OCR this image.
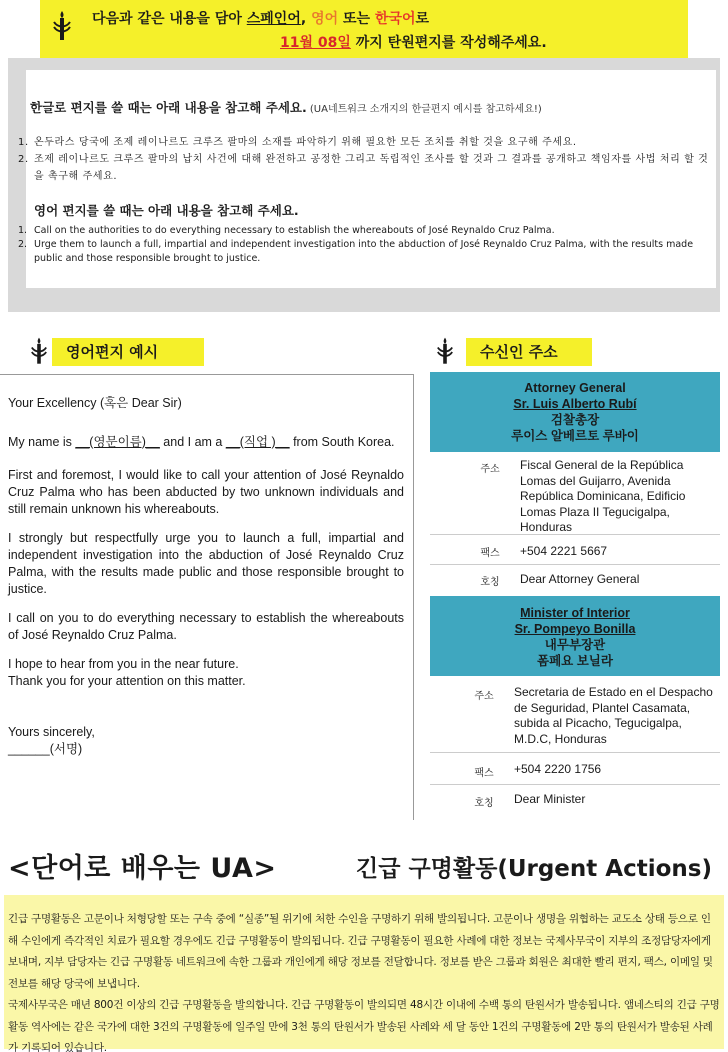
다음과 같은 내용을 담아 스페인어, 영어 또는 한국어로
11월 08일 까지 탄원편지를 작성해주세요.
한글로 편지를 쓸 때는 아래 내용을 참고해 주세요. (UA네트워크 소개지의 한글편지 예시를 참고하세요!)
1. 온두라스 당국에 조제 레이나르도 크루즈 팔마의 소재를 파악하기 위해 필요한 모든 조치를 취할 것을 요구해 주세요.
2. 조제 레이나르도 크루즈 팔마의 납치 사건에 대해 완전하고 공정한 그리고 독립적인 조사를 할 것과 그 결과를 공개하고 책임자를 사법 처리 할 것을 촉구해 주세요.
영어 편지를 쓸 때는 아래 내용을 참고해 주세요.
1. Call on the authorities to do everything necessary to establish the whereabouts of José Reynaldo Cruz Palma.
2. Urge them to launch a full, impartial and independent investigation into the abduction of José Reynaldo Cruz Palma, with the results made public and those responsible brought to justice.
영어편지 예시	수신인 주소

Your Excellency (혹은 Dear Sir)

My name is __(영문이름)__ and I am a __(직업 )__ from South Korea.

First and foremost, I would like to call your attention of José Reynaldo Cruz Palma who has been abducted by two unknown individuals and still remain unknown his whereabouts.

I strongly but respectfully urge you to launch a full, impartial and independent investigation into the abduction of José Reynaldo Cruz Palma, with the results made public and those responsible brought to justice.

I call on you to do everything necessary to establish the whereabouts of José Reynaldo Cruz Palma.

I hope to hear from you in the near future.
Thank you for your attention on this matter.
Yours sincerely,
______(서명)
Attorney General
Sr. Luis Alberto Rubí
검찰총장
루이스 알베르토 루바이
주소	Fiscal General de la República Lomas del Guijarro, Avenida República Dominicana, Edificio Lomas Plaza II Tegucigalpa, Honduras
팩스	+504 2221 5667
호칭	Dear Attorney General
Minister of Interior
Sr. Pompeyo Bonilla
내무부장관
폼페요 보닐라
주소	Secretaria de Estado en el Despacho de Seguridad, Plantel Casamata, subida al Picacho, Tegucigalpa, M.D.C, Honduras
팩스	+504 2220 1756
호칭	Dear Minister
<단어로 배우는 UA>	긴급 구명활동(Urgent Actions)
긴급 구명활동은 고문이나 처형당할 또는 구속 중에 “실종”될 위기에 처한 수인을 구명하기 위해 발의됩니다. 고문이나 생명을 위협하는 교도소 상태 등으로 인해 수인에게 즉각적인 치료가 필요할 경우에도 긴급 구명활동이 발의됩니다. 긴급 구명활동이 필요한 사례에 대한 정보는 국제사무국이 지부의 조정담당자에게 보내며, 지부 담당자는 긴급 구명활동 네트워크에 속한 그룹과 개인에게 해당 정보를 전달합니다. 정보를 받은 그룹과 회원은 최대한 빨리 편지, 팩스, 이메일 및 전보를 해당 당국에 보냅니다.
국제사무국은 매년 800건 이상의 긴급 구명활동을 발의합니다. 긴급 구명활동이 발의되면 48시간 이내에 수백 통의 탄원서가 발송됩니다. 앰네스티의 긴급 구명활동 역사에는 같은 국가에 대한 3건의 구명활동에 일주일 만에 3천 통의 탄원서가 발송된 사례와 세 달 동안 1건의 구명활동에 2만 통의 탄원서가 발송된 사례가 기록되어 있습니다.
